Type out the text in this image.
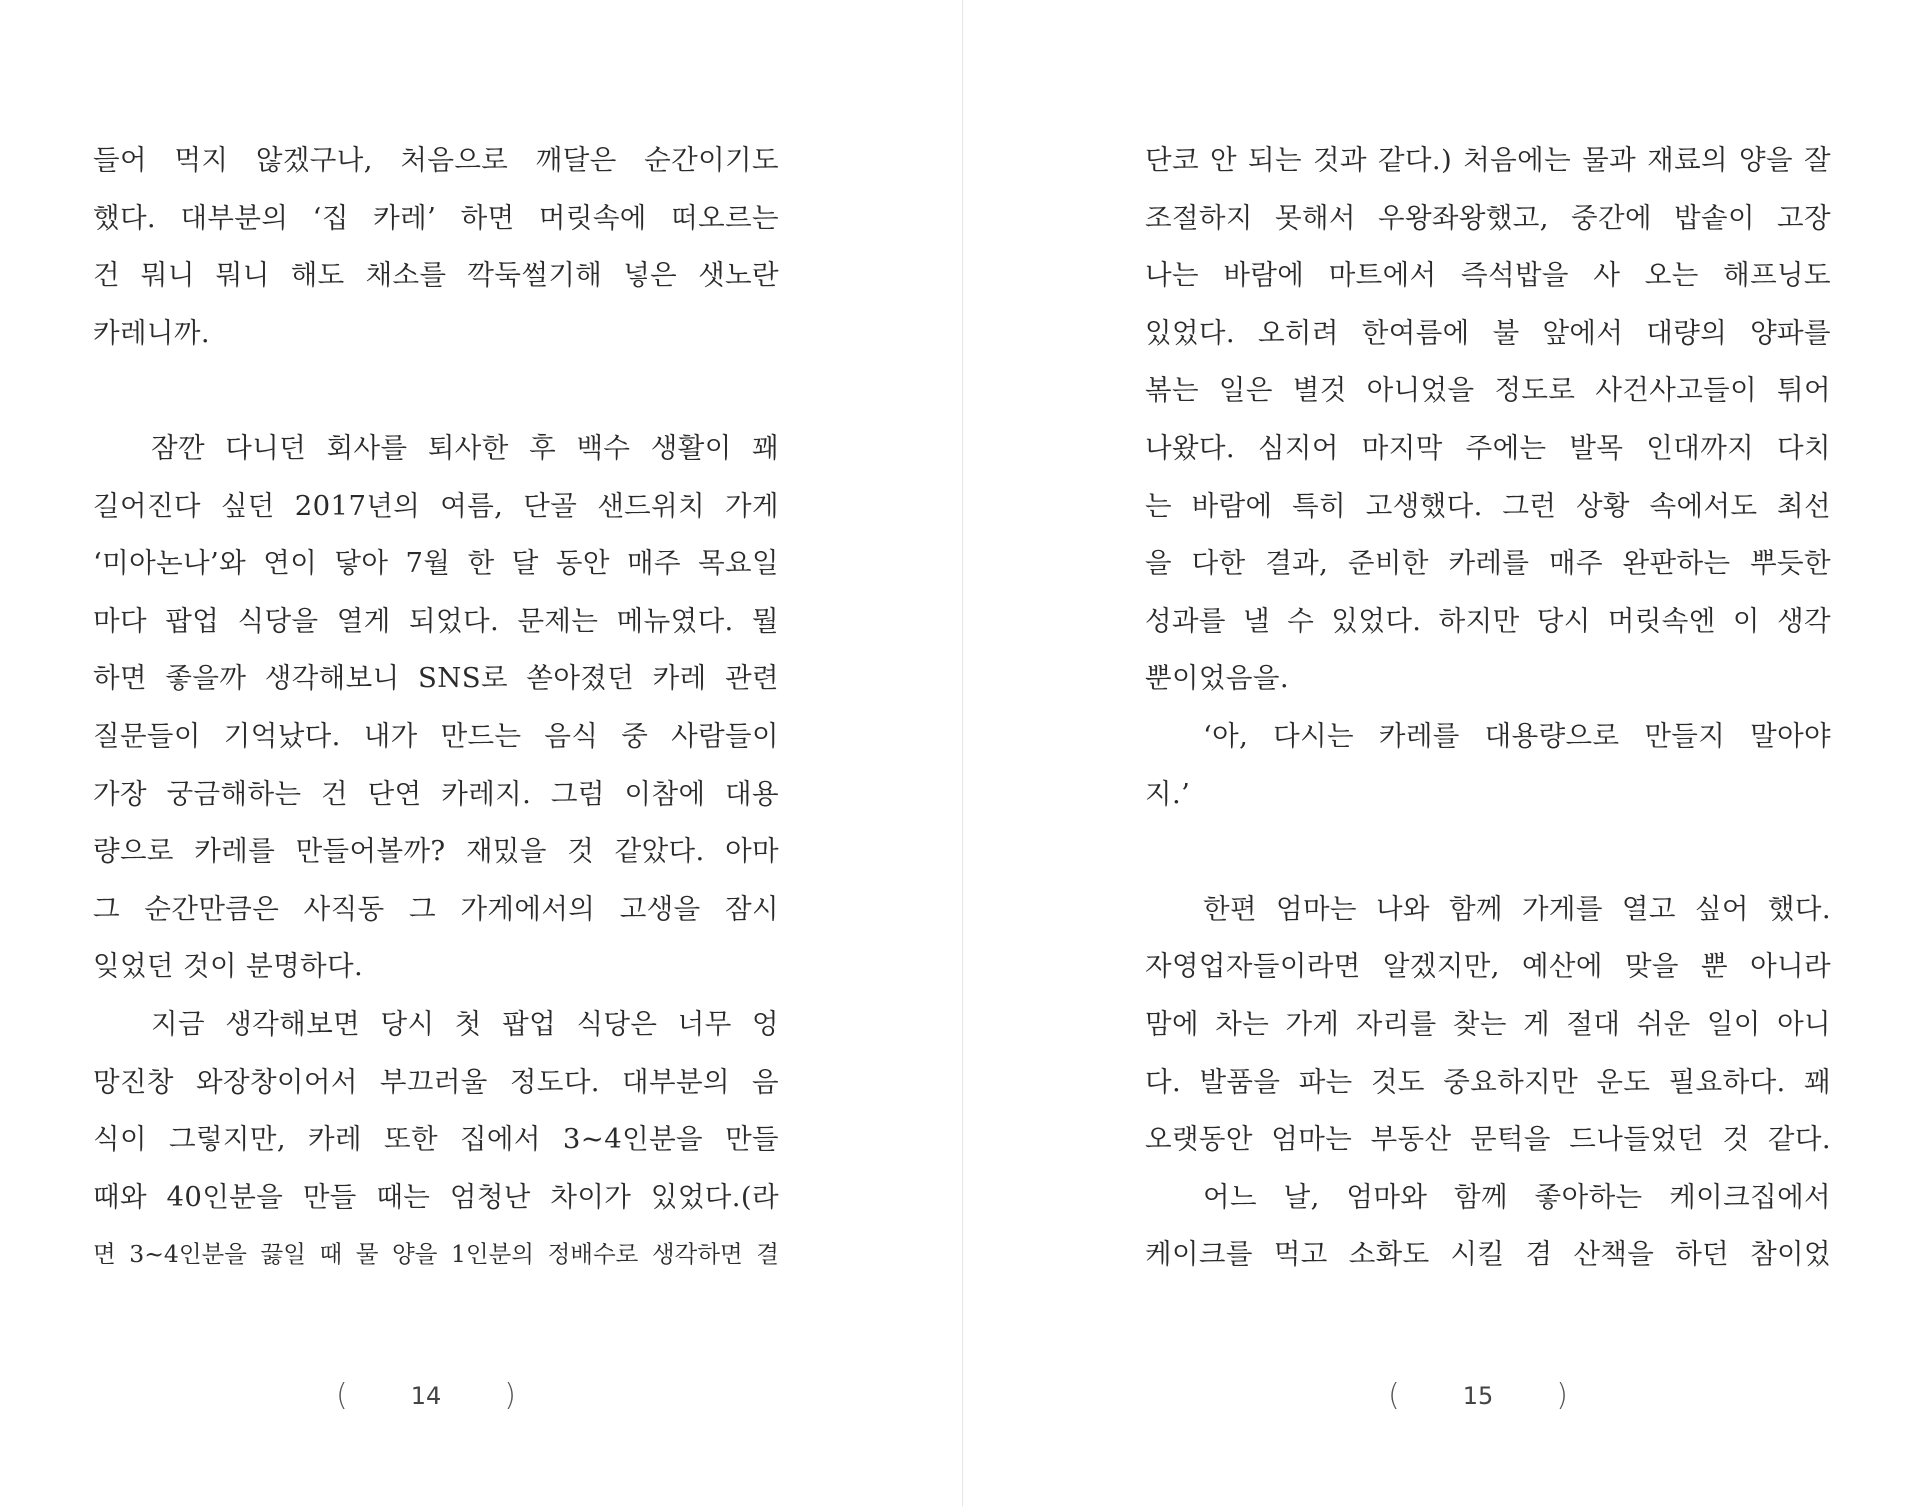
들어 먹지 않겠구나, 처음으로 깨달은 순간이기도
했다. 대부분의 ‘집 카레’ 하면 머릿속에 떠오르는
건 뭐니 뭐니 해도 채소를 깍둑썰기해 넣은 샛노란
카레니까.
잠깐 다니던 회사를 퇴사한 후 백수 생활이 꽤
길어진다 싶던 2017년의 여름, 단골 샌드위치 가게
‘미아논나’와 연이 닿아 7월 한 달 동안 매주 목요일
마다 팝업 식당을 열게 되었다. 문제는 메뉴였다. 뭘
하면 좋을까 생각해보니 SNS로 쏟아졌던 카레 관련
질문들이 기억났다. 내가 만드는 음식 중 사람들이
가장 궁금해하는 건 단연 카레지. 그럼 이참에 대용
량으로 카레를 만들어볼까? 재밌을 것 같았다. 아마
그 순간만큼은 사직동 그 가게에서의 고생을 잠시
잊었던 것이 분명하다.
지금 생각해보면 당시 첫 팝업 식당은 너무 엉
망진창 와장창이어서 부끄러울 정도다. 대부분의 음
식이 그렇지만, 카레 또한 집에서 3~4인분을 만들
때와 40인분을 만들 때는 엄청난 차이가 있었다.(라
면 3~4인분을 끓일 때 물 양을 1인분의 정배수로 생각하면 결
단코 안 되는 것과 같다.) 처음에는 물과 재료의 양을 잘
조절하지 못해서 우왕좌왕했고, 중간에 밥솥이 고장
나는 바람에 마트에서 즉석밥을 사 오는 해프닝도
있었다. 오히려 한여름에 불 앞에서 대량의 양파를
볶는 일은 별것 아니었을 정도로 사건사고들이 튀어
나왔다. 심지어 마지막 주에는 발목 인대까지 다치
는 바람에 특히 고생했다. 그런 상황 속에서도 최선
을 다한 결과, 준비한 카레를 매주 완판하는 뿌듯한
성과를 낼 수 있었다. 하지만 당시 머릿속엔 이 생각
뿐이었음을.
‘아, 다시는 카레를 대용량으로 만들지 말아야
지.’
한편 엄마는 나와 함께 가게를 열고 싶어 했다.
자영업자들이라면 알겠지만, 예산에 맞을 뿐 아니라
맘에 차는 가게 자리를 찾는 게 절대 쉬운 일이 아니
다. 발품을 파는 것도 중요하지만 운도 필요하다. 꽤
오랫동안 엄마는 부동산 문턱을 드나들었던 것 같다.
어느 날, 엄마와 함께 좋아하는 케이크집에서
케이크를 먹고 소화도 시킬 겸 산책을 하던 참이었
(	14 )	(	15 )
